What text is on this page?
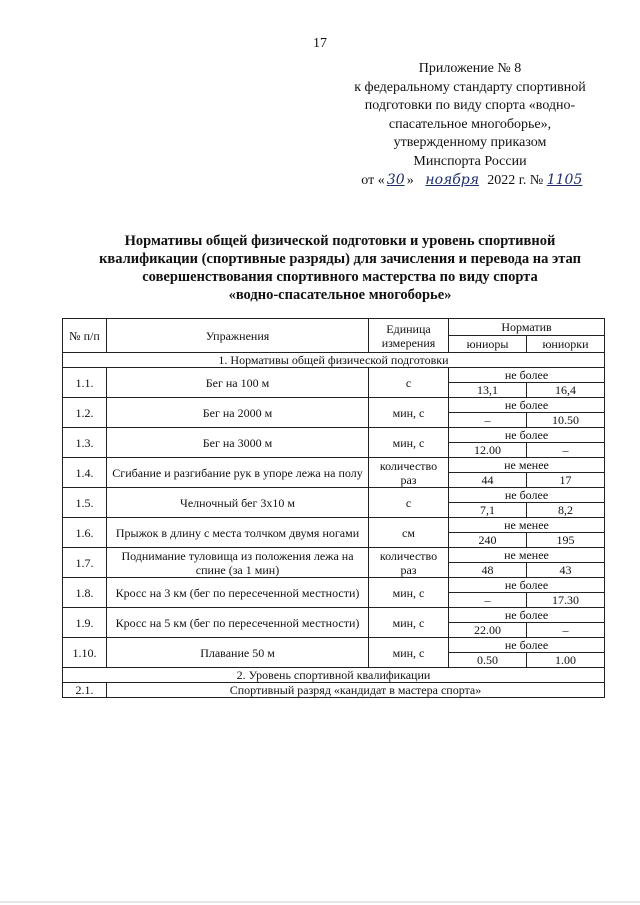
17
Приложение № 8
к федеральному стандарту спортивной
подготовки по виду спорта «водно-
спасательное многоборье»,
утвержденному приказом
Минспорта России
от « 30 » ноября 2022 г. № 1105
Нормативы общей физической подготовки и уровень спортивной
квалификации (спортивные разряды) для зачисления и перевода на этап
совершенствования спортивного мастерства по виду спорта
«водно-спасательное многоборье»
№ п/п	Упражнения	Единица измерения	Норматив	
			юниоры	юниорки
1. Нормативы общей физической подготовки				
1.1.	Бег на 100 м	с	не более	
			13,1	16,4
1.2.	Бег на 2000 м	мин, с	не более	
			–	10.50
1.3.	Бег на 3000 м	мин, с	не более	
			12.00	–
1.4.	Сгибание и разгибание рук в упоре лежа на полу	количество раз	не менее	
			44	17
1.5.	Челночный бег 3х10 м	с	не более	
			7,1	8,2
1.6.	Прыжок в длину с места толчком двумя ногами	см	не менее	
			240	195
1.7.	Поднимание туловища из положения лежа на спине (за 1 мин)	количество раз	не менее	
			48	43
1.8.	Кросс на 3 км (бег по пересеченной местности)	мин, с	не более	
			–	17.30
1.9.	Кросс на 5 км (бег по пересеченной местности)	мин, с	не более	
			22.00	–
1.10.	Плавание 50 м	мин, с	не более	
			0.50	1.00
2. Уровень спортивной квалификации				
2.1.	Спортивный разряд «кандидат в мастера спорта»			
